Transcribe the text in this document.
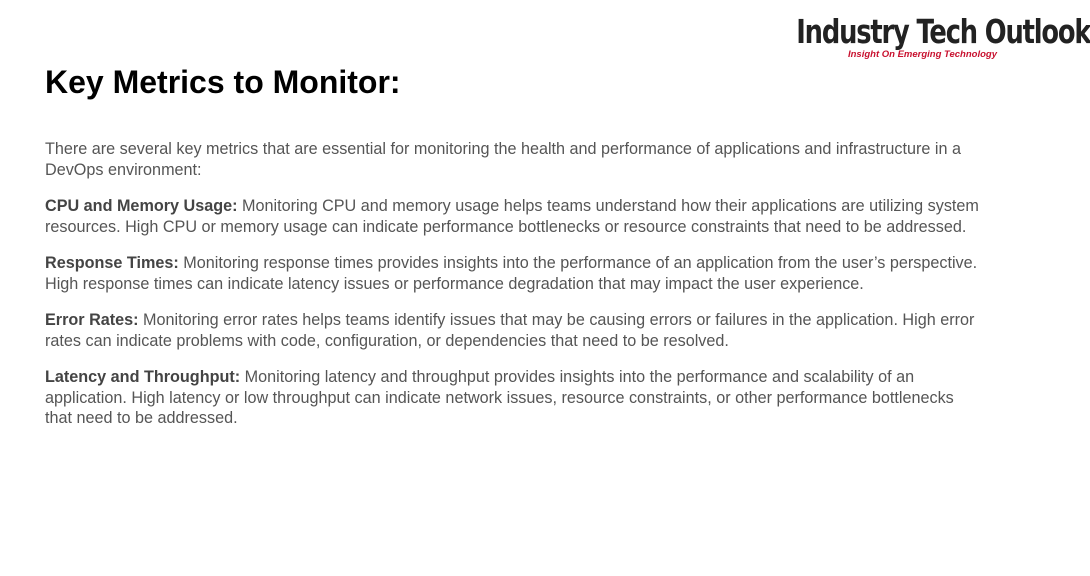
Industry Tech Outlook
Insight On Emerging Technology
Key Metrics to Monitor:

There are several key metrics that are essential for monitoring the health and performance of applications and infrastructure in a DevOps environment:

CPU and Memory Usage: Monitoring CPU and memory usage helps teams understand how their applications are utilizing system resources. High CPU or memory usage can indicate performance bottlenecks or resource constraints that need to be addressed.

Response Times: Monitoring response times provides insights into the performance of an application from the user’s perspective. High response times can indicate latency issues or performance degradation that may impact the user experience.

Error Rates: Monitoring error rates helps teams identify issues that may be causing errors or failures in the application. High error rates can indicate problems with code, configuration, or dependencies that need to be resolved.

Latency and Throughput: Monitoring latency and throughput provides insights into the performance and scalability of an application. High latency or low throughput can indicate network issues, resource constraints, or other performance bottlenecks that need to be addressed.
